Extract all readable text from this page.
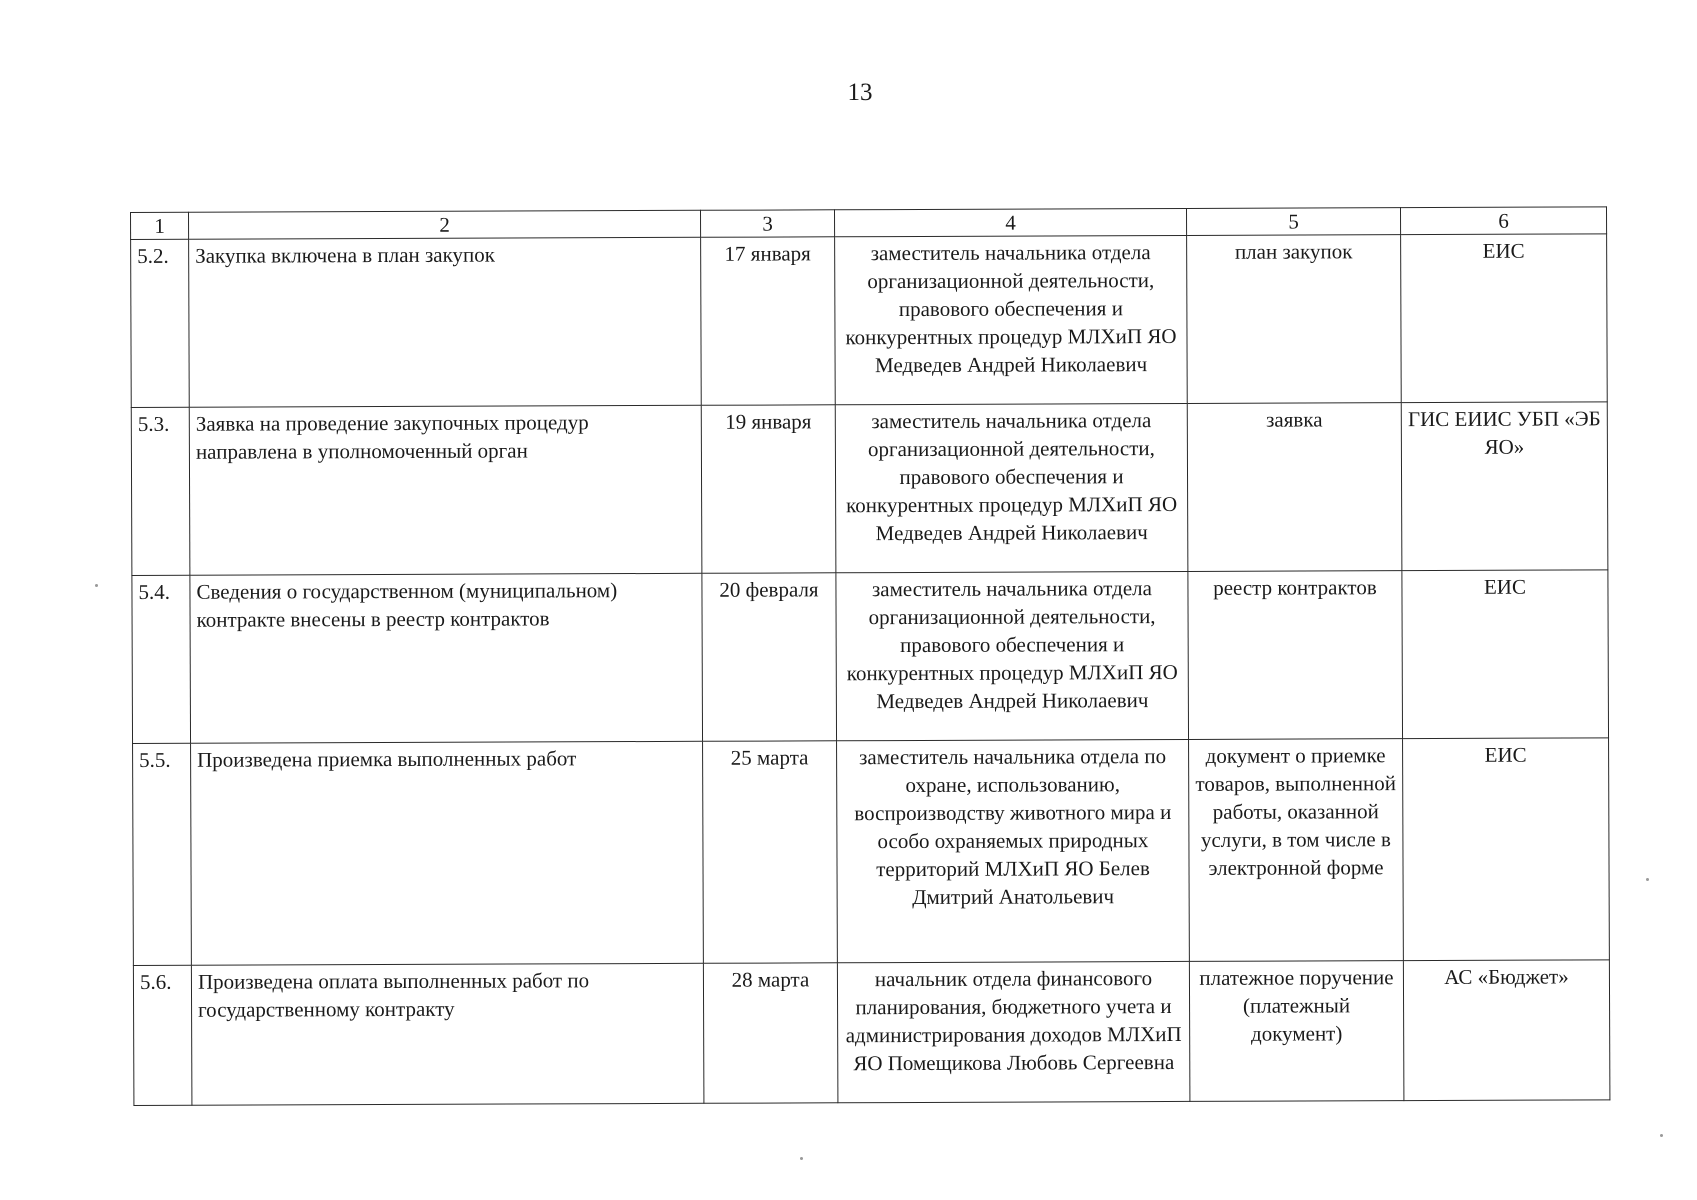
13
1	2	3	4	5	6
5.2.	Закупка включена в план закупок	17 января	заместитель начальника отдела организационной деятельности, правового обеспечения и конкурентных процедур МЛХиП ЯО Медведев Андрей Николаевич	план закупок	ЕИС
5.3.	Заявка на проведение закупочных процедур направлена в уполномоченный орган	19 января	заместитель начальника отдела организационной деятельности, правового обеспечения и конкурентных процедур МЛХиП ЯО Медведев Андрей Николаевич	заявка	ГИС ЕИИС УБП «ЭБ ЯО»
5.4.	Сведения о государственном (муниципальном) контракте внесены в реестр контрактов	20 февраля	заместитель начальника отдела организационной деятельности, правового обеспечения и конкурентных процедур МЛХиП ЯО Медведев Андрей Николаевич	реестр контрактов	ЕИС
5.5.	Произведена приемка выполненных работ	25 марта	заместитель начальника отдела по охране, использованию, воспроизводству животного мира и особо охраняемых природных территорий МЛХиП ЯО Белев Дмитрий Анатольевич	документ о приемке товаров, выполненной работы, оказанной услуги, в том числе в электронной форме	ЕИС
5.6.	Произведена оплата выполненных работ по государственному контракту	28 марта	начальник отдела финансового планирования, бюджетного учета и администрирования доходов МЛХиП ЯО Помещикова Любовь Сергеевна	платежное поручение (платежный документ)	АС «Бюджет»
